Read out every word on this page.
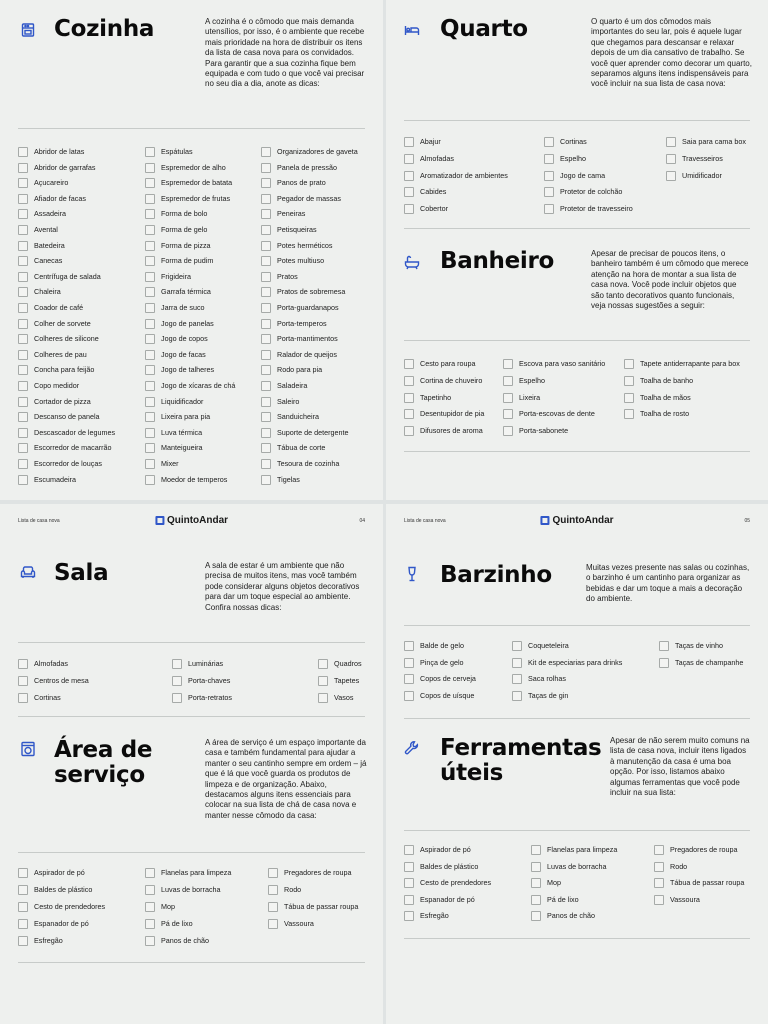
Cozinha	A cozinha é o cômodo que mais demanda utensílios, por isso, é o ambiente que recebe mais prioridade na hora de distribuir os itens da lista de casa nova para os convidados. Para garantir que a sua cozinha fique bem equipada e com tudo o que você vai precisar no seu dia a dia, anote as dicas:
Abridor de latas
Abridor de garrafas
Açucareiro
Afiador de facas
Assadeira
Avental
Batedeira
Canecas
Centrífuga de salada
Chaleira
Coador de café
Colher de sorvete
Colheres de silicone
Colheres de pau
Concha para feijão
Copo medidor
Cortador de pizza
Descanso de panela
Descascador de legumes
Escorredor de macarrão
Escorredor de louças
Escumadeira
Espátulas
Espremedor de alho
Espremedor de batata
Espremedor de frutas
Forma de bolo
Forma de gelo
Forma de pizza
Forma de pudim
Frigideira
Garrafa térmica
Jarra de suco
Jogo de panelas
Jogo de copos
Jogo de facas
Jogo de talheres
Jogo de xícaras de chá
Liquidificador
Lixeira para pia
Luva térmica
Manteigueira
Mixer
Moedor de temperos
Organizadores de gaveta
Panela de pressão
Panos de prato
Pegador de massas
Peneiras
Petisqueiras
Potes herméticos
Potes multiuso
Pratos
Pratos de sobremesa
Porta-guardanapos
Porta-temperos
Porta-mantimentos
Ralador de queijos
Rodo para pia
Saladeira
Saleiro
Sanduicheira
Suporte de detergente
Tábua de corte
Tesoura de cozinha
Tigelas
Quarto	O quarto é um dos cômodos mais importantes do seu lar, pois é aquele lugar que chegamos para descansar e relaxar depois de um dia cansativo de trabalho. Se você quer aprender como decorar um quarto, separamos alguns itens indispensáveis para você incluir na sua lista de casa nova:
Abajur
Almofadas
Aromatizador de ambientes
Cabides
Cobertor
Cortinas
Espelho
Jogo de cama
Protetor de colchão
Protetor de travesseiro
Saia para cama box
Travesseiros
Umidificador
Banheiro	Apesar de precisar de poucos itens, o banheiro também é um cômodo que merece atenção na hora de montar a sua lista de casa nova. Você pode incluir objetos que são tanto decorativos quanto funcionais, veja nossas sugestões a seguir:
Cesto para roupa
Cortina de chuveiro
Tapetinho
Desentupidor de pia
Difusores de aroma
Escova para vaso sanitário
Espelho
Lixeira
Porta-escovas de dente
Porta-sabonete
Tapete antiderrapante para box
Toalha de banho
Toalha de mãos
Toalha de rosto
Lista de casa nova	QuintoAndar	04
Sala	A sala de estar é um ambiente que não precisa de muitos itens, mas você também pode considerar alguns objetos decorativos para dar um toque especial ao ambiente. Confira nossas dicas:
Almofadas
Centros de mesa
Cortinas
Luminárias
Porta-chaves
Porta-retratos
Quadros
Tapetes
Vasos
Área de
serviço
A área de serviço é um espaço importante da casa e também fundamental para ajudar a manter o seu cantinho sempre em ordem – já que é lá que você guarda os produtos de limpeza e de organização. Abaixo, destacamos alguns itens essenciais para colocar na sua lista de chá de casa nova e manter nesse cômodo da casa:
Aspirador de pó
Baldes de plástico
Cesto de prendedores
Espanador de pó
Esfregão
Flanelas para limpeza
Luvas de borracha
Mop
Pá de lixo
Panos de chão
Pregadores de roupa
Rodo
Tábua de passar roupa
Vassoura
Lista de casa nova	QuintoAndar	05
Barzinho	Muitas vezes presente nas salas ou cozinhas, o barzinho é um cantinho para organizar as bebidas e dar um toque a mais a decoração do ambiente.
Balde de gelo
Pinça de gelo
Copos de cerveja
Copos de uísque
Coqueteleira
Kit de especiarias para drinks
Saca rolhas
Taças de gin
Taças de vinho
Taças de champanhe
Ferramentas
úteis
Apesar de não serem muito comuns na lista de casa nova, incluir itens ligados à manutenção da casa é uma boa opção. Por isso, listamos abaixo algumas ferramentas que você pode incluir na sua lista:
Aspirador de pó
Baldes de plástico
Cesto de prendedores
Espanador de pó
Esfregão
Flanelas para limpeza
Luvas de borracha
Mop
Pá de lixo
Panos de chão
Pregadores de roupa
Rodo
Tábua de passar roupa
Vassoura
